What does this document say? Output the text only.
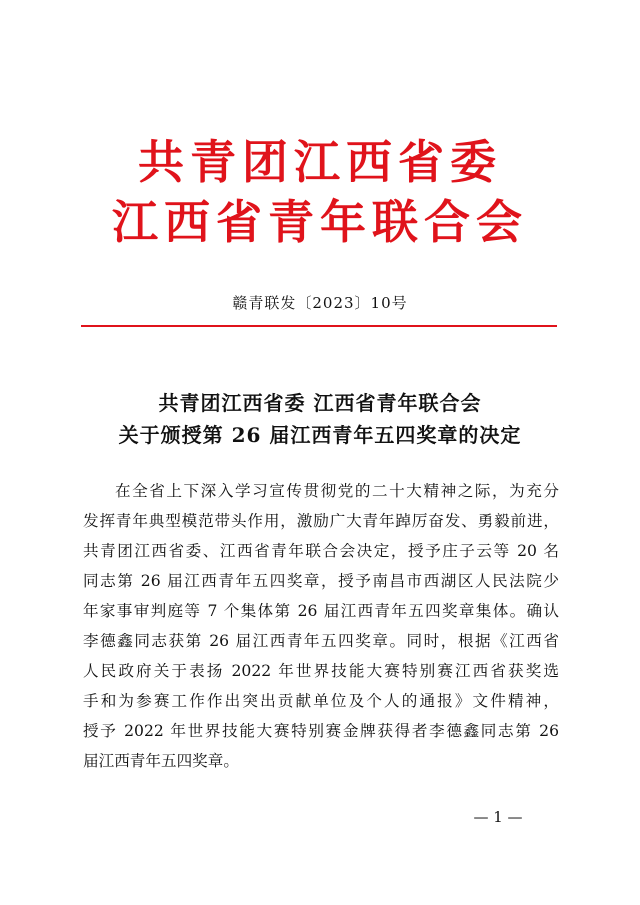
共青团江西省委
江西省青年联合会
赣青联发〔2023〕10号
共青团江西省委 江西省青年联合会
关于颁授第 26 届江西青年五四奖章的决定
在全省上下深入学习宣传贯彻党的二十大精神之际，为充分
发挥青年典型模范带头作用，激励广大青年踔厉奋发、勇毅前进，
共青团江西省委、江西省青年联合会决定，授予庄子云等 20 名
同志第 26 届江西青年五四奖章，授予南昌市西湖区人民法院少
年家事审判庭等 7 个集体第 26 届江西青年五四奖章集体。确认
李德鑫同志获第 26 届江西青年五四奖章。同时，根据《江西省
人民政府关于表扬 2022 年世界技能大赛特别赛江西省获奖选
手和为参赛工作作出突出贡献单位及个人的通报》文件精神，
授予 2022 年世界技能大赛特别赛金牌获得者李德鑫同志第 26
届江西青年五四奖章。
— 1 —
